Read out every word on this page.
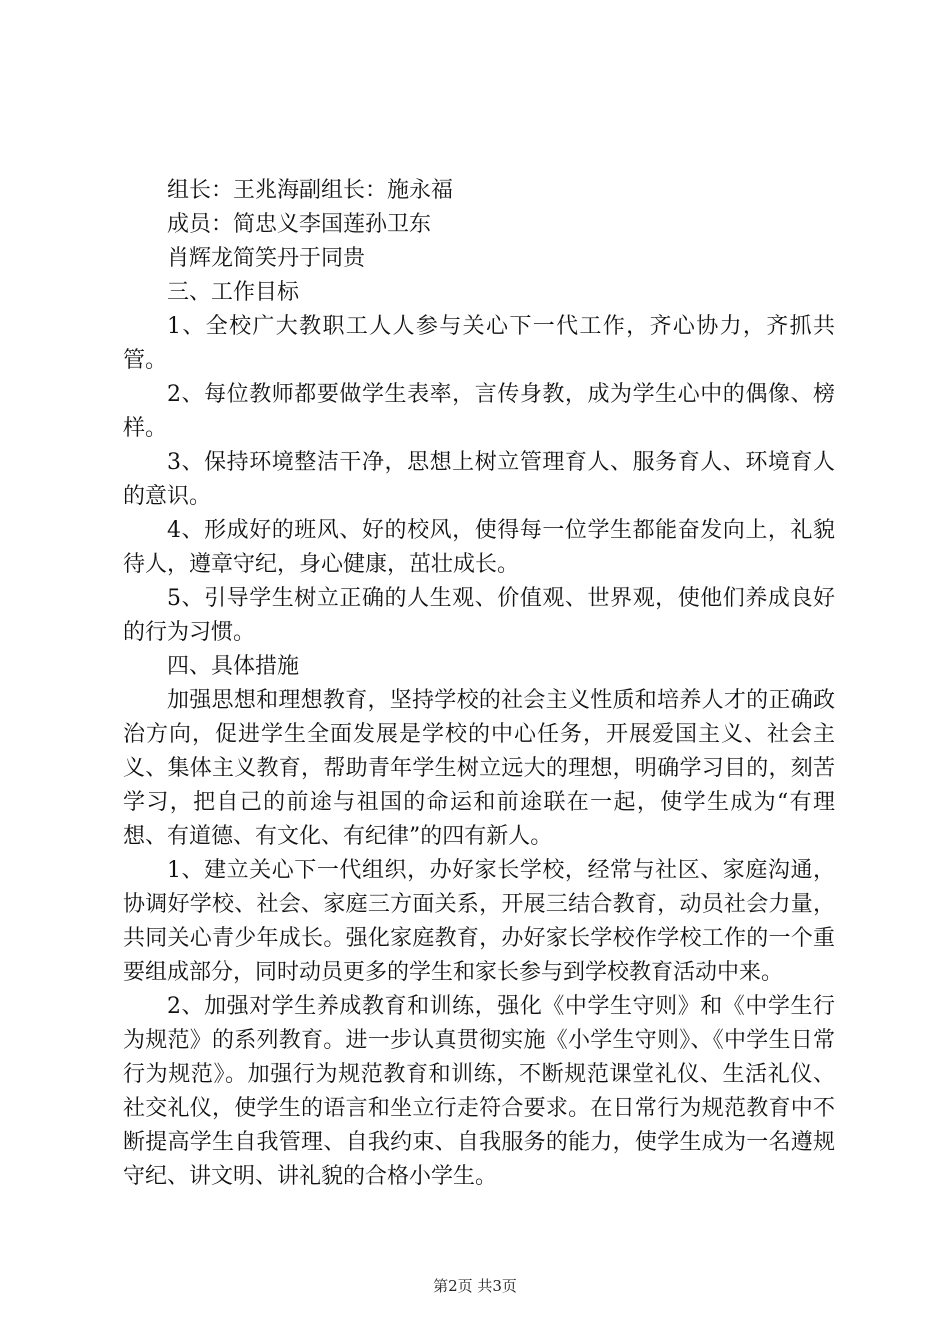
组长：王兆海副组长：施永福

成员：简忠义李国莲孙卫东

肖辉龙简笑丹于同贵

三、工作目标

1、全校广大教职工人人参与关心下一代工作，齐心协力，齐抓共管。

2、每位教师都要做学生表率，言传身教，成为学生心中的偶像、榜样。

3、保持环境整洁干净，思想上树立管理育人、服务育人、环境育人的意识。

4、形成好的班风、好的校风，使得每一位学生都能奋发向上，礼貌待人，遵章守纪，身心健康，茁壮成长。

5、引导学生树立正确的人生观、价值观、世界观，使他们养成良好的行为习惯。

四、具体措施

加强思想和理想教育，坚持学校的社会主义性质和培养人才的正确政治方向，促进学生全面发展是学校的中心任务，开展爱国主义、社会主义、集体主义教育，帮助青年学生树立远大的理想，明确学习目的，刻苦学习，把自己的前途与祖国的命运和前途联在一起，使学生成为“有理想、有道德、有文化、有纪律”的四有新人。

1、建立关心下一代组织，办好家长学校，经常与社区、家庭沟通，协调好学校、社会、家庭三方面关系，开展三结合教育，动员社会力量，共同关心青少年成长。强化家庭教育，办好家长学校作学校工作的一个重要组成部分，同时动员更多的学生和家长参与到学校教育活动中来。

2、加强对学生养成教育和训练，强化《中学生守则》和《中学生行为规范》的系列教育。进一步认真贯彻实施《小学生守则》、《中学生日常行为规范》。加强行为规范教育和训练，不断规范课堂礼仪、生活礼仪、社交礼仪，使学生的语言和坐立行走符合要求。在日常行为规范教育中不断提高学生自我管理、自我约束、自我服务的能力，使学生成为一名遵规守纪、讲文明、讲礼貌的合格小学生。

第2页 共3页
